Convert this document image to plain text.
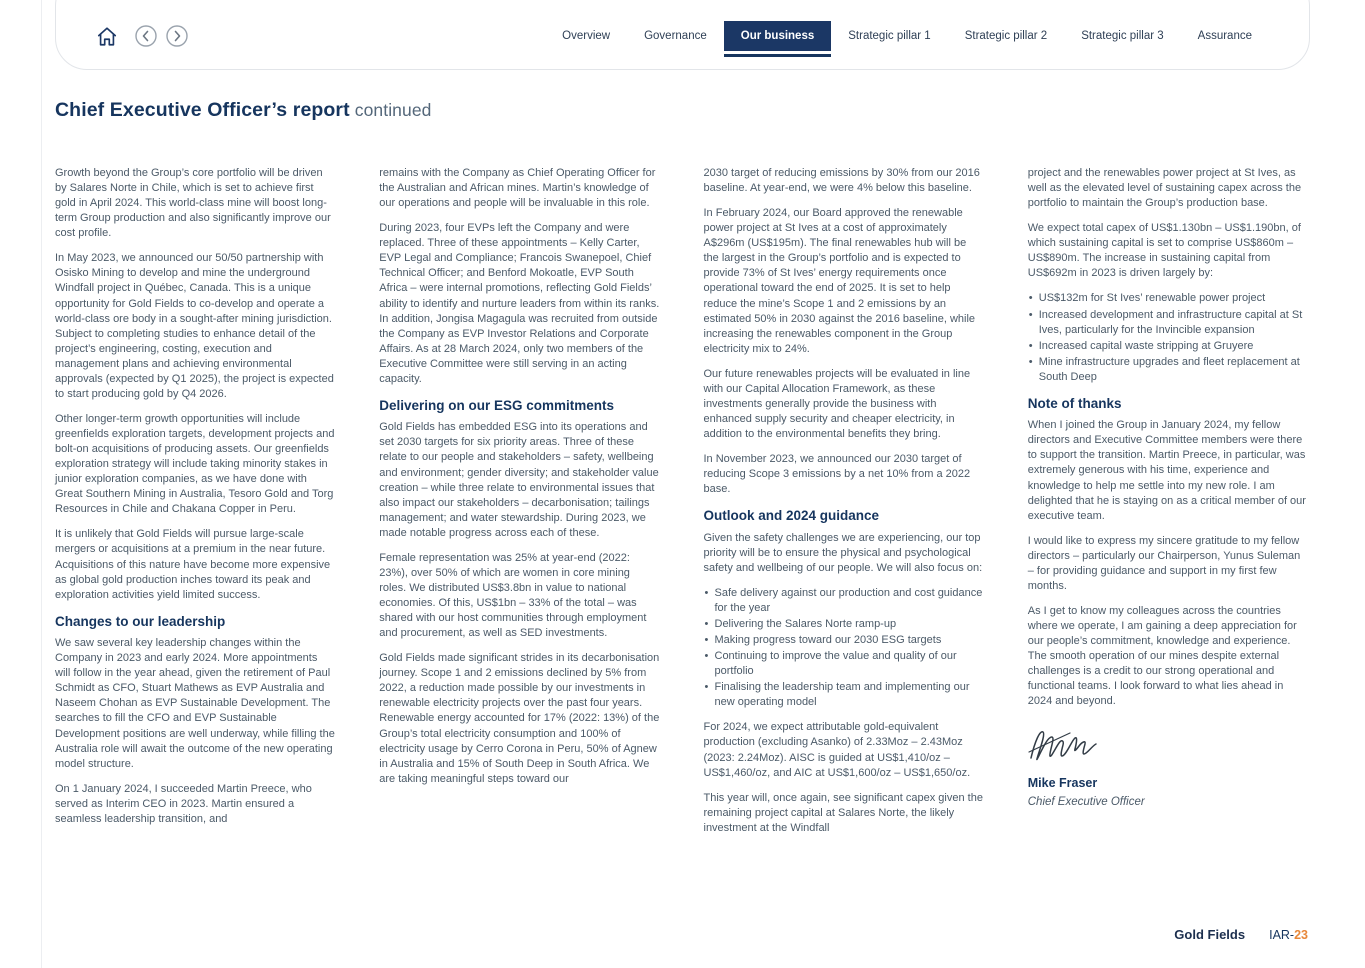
Overview	Governance	Our business	Strategic pillar 1	Strategic pillar 2	Strategic pillar 3	Assurance
Chief Executive Officer’s report continued

Growth beyond the Group’s core portfolio will be driven by Salares Norte in Chile, which is set to achieve first gold in April 2024. This world-class mine will boost long-term Group production and also significantly improve our cost profile.

In May 2023, we announced our 50/50 partnership with Osisko Mining to develop and mine the underground Windfall project in Québec, Canada. This is a unique opportunity for Gold Fields to co-develop and operate a world-class ore body in a sought-after mining jurisdiction. Subject to completing studies to enhance detail of the project’s engineering, costing, execution and management plans and achieving environmental approvals (expected by Q1 2025), the project is expected to start producing gold by Q4 2026.

Other longer-term growth opportunities will include greenfields exploration targets, development projects and bolt-on acquisitions of producing assets. Our greenfields exploration strategy will include taking minority stakes in junior exploration companies, as we have done with Great Southern Mining in Australia, Tesoro Gold and Torg Resources in Chile and Chakana Copper in Peru.

It is unlikely that Gold Fields will pursue large-scale mergers or acquisitions at a premium in the near future. Acquisitions of this nature have become more expensive as global gold production inches toward its peak and exploration activities yield limited success.

Changes to our leadership

We saw several key leadership changes within the Company in 2023 and early 2024. More appointments will follow in the year ahead, given the retirement of Paul Schmidt as CFO, Stuart Mathews as EVP Australia and Naseem Chohan as EVP Sustainable Development. The searches to fill the CFO and EVP Sustainable Development positions are well underway, while filling the Australia role will await the outcome of the new operating model structure.

On 1 January 2024, I succeeded Martin Preece, who served as Interim CEO in 2023. Martin ensured a seamless leadership transition, and

remains with the Company as Chief Operating Officer for the Australian and African mines. Martin’s knowledge of our operations and people will be invaluable in this role.

During 2023, four EVPs left the Company and were replaced. Three of these appointments – Kelly Carter, EVP Legal and Compliance; Francois Swanepoel, Chief Technical Officer; and Benford Mokoatle, EVP South Africa – were internal promotions, reflecting Gold Fields’ ability to identify and nurture leaders from within its ranks. In addition, Jongisa Magagula was recruited from outside the Company as EVP Investor Relations and Corporate Affairs. As at 28 March 2024, only two members of the Executive Committee were still serving in an acting capacity.

Delivering on our ESG commitments

Gold Fields has embedded ESG into its operations and set 2030 targets for six priority areas. Three of these relate to our people and stakeholders – safety, wellbeing and environment; gender diversity; and stakeholder value creation – while three relate to environmental issues that also impact our stakeholders – decarbonisation; tailings management; and water stewardship. During 2023, we made notable progress across each of these.

Female representation was 25% at year-end (2022: 23%), over 50% of which are women in core mining roles. We distributed US$3.8bn in value to national economies. Of this, US$1bn – 33% of the total – was shared with our host communities through employment and procurement, as well as SED investments.

Gold Fields made significant strides in its decarbonisation journey. Scope 1 and 2 emissions declined by 5% from 2022, a reduction made possible by our investments in renewable electricity projects over the past four years. Renewable energy accounted for 17% (2022: 13%) of the Group’s total electricity consumption and 100% of electricity usage by Cerro Corona in Peru, 50% of Agnew in Australia and 15% of South Deep in South Africa. We are taking meaningful steps toward our

2030 target of reducing emissions by 30% from our 2016 baseline. At year-end, we were 4% below this baseline.

In February 2024, our Board approved the renewable power project at St Ives at a cost of approximately A$296m (US$195m). The final renewables hub will be the largest in the Group’s portfolio and is expected to provide 73% of St Ives’ energy requirements once operational toward the end of 2025. It is set to help reduce the mine’s Scope 1 and 2 emissions by an estimated 50% in 2030 against the 2016 baseline, while increasing the renewables component in the Group electricity mix to 24%.

Our future renewables projects will be evaluated in line with our Capital Allocation Framework, as these investments generally provide the business with enhanced supply security and cheaper electricity, in addition to the environmental benefits they bring.

In November 2023, we announced our 2030 target of reducing Scope 3 emissions by a net 10% from a 2022 base.

Outlook and 2024 guidance

Given the safety challenges we are experiencing, our top priority will be to ensure the physical and psychological safety and wellbeing of our people. We will also focus on:

• Safe delivery against our production and cost guidance for the year
• Delivering the Salares Norte ramp-up
• Making progress toward our 2030 ESG targets
• Continuing to improve the value and quality of our portfolio
• Finalising the leadership team and implementing our new operating model

For 2024, we expect attributable gold-equivalent production (excluding Asanko) of 2.33Moz – 2.43Moz (2023: 2.24Moz). AISC is guided at US$1,410/oz – US$1,460/oz, and AIC at US$1,600/oz – US$1,650/oz.

This year will, once again, see significant capex given the remaining project capital at Salares Norte, the likely investment at the Windfall

project and the renewables power project at St Ives, as well as the elevated level of sustaining capex across the portfolio to maintain the Group’s production base.

We expect total capex of US$1.130bn – US$1.190bn, of which sustaining capital is set to comprise US$860m – US$890m. The increase in sustaining capital from US$692m in 2023 is driven largely by:

• US$132m for St Ives’ renewable power project
• Increased development and infrastructure capital at St Ives, particularly for the Invincible expansion
• Increased capital waste stripping at Gruyere
• Mine infrastructure upgrades and fleet replacement at South Deep
Note of thanks

When I joined the Group in January 2024, my fellow directors and Executive Committee members were there to support the transition. Martin Preece, in particular, was extremely generous with his time, experience and knowledge to help me settle into my new role. I am delighted that he is staying on as a critical member of our executive team.

I would like to express my sincere gratitude to my fellow directors – particularly our Chairperson, Yunus Suleman – for providing guidance and support in my first few months.

As I get to know my colleagues across the countries where we operate, I am gaining a deep appreciation for our people’s commitment, knowledge and experience. The smooth operation of our mines despite external challenges is a credit to our strong operational and functional teams. I look forward to what lies ahead in 2024 and beyond.

Mike Fraser
Chief Executive Officer
Gold Fields IAR-23
